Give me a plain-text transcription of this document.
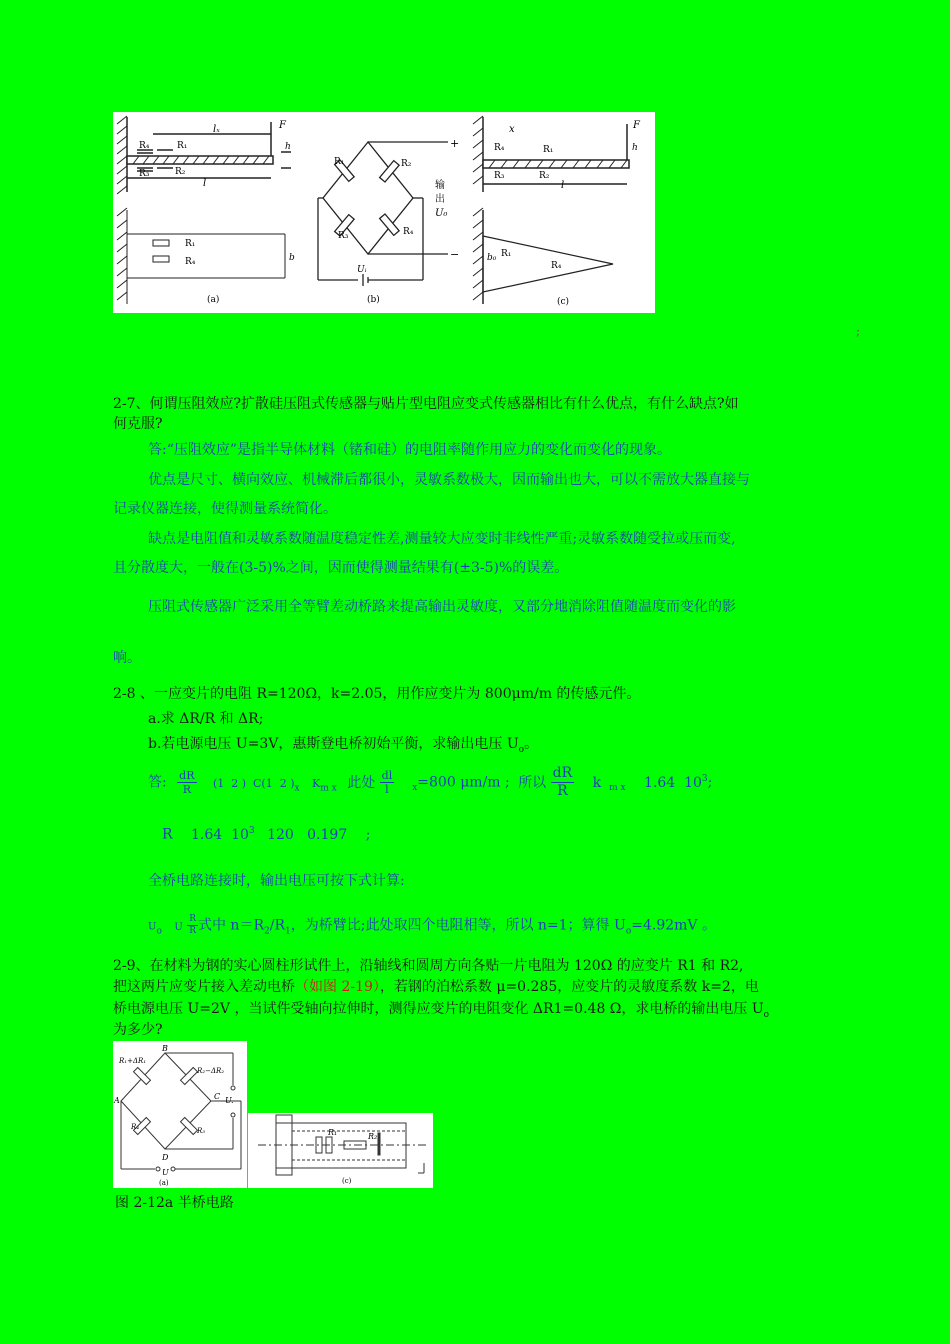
R₄	R₁
R₃	R₂
lₓ
l
F
h
R₁
R₄	b
(a)
R₁	R₂
R₃	R₄
+
−
输
出
U₀
Uᵢ
(b)
R₄	R₁
R₃	R₂
x
l
F
h
b₀ R₁
R₄
(c)
;
2-7、何谓压阻效应?扩散硅压阻式传感器与贴片型电阻应变式传感器相比有什么优点，有什么缺点?如
何克服?
答:“压阻效应”是指半导体材料（锗和硅）的电阻率随作用应力的变化而变化的现象。
优点是尺寸、横向效应、机械滞后都很小，灵敏系数极大，因而输出也大，可以不需放大器直接与
记录仪器连接，使得测量系统简化。
缺点是电阻值和灵敏系数随温度稳定性差,测量较大应变时非线性严重;灵敏系数随受拉或压而变,
且分散度大，一般在(3-5)%之间，因而使得测量结果有(±3-5)%的误差。
压阻式传感器广泛采用全等臂差动桥路来提高输出灵敏度，又部分地消除阻值随温度而变化的影
响。
2-8 、一应变片的电阻 R=120Ω，k=2.05，用作应变片为 800μm/m 的传感元件。
a.求 ΔR/R 和 ΔR;
b.若电源电压 U=3V，惠斯登电桥初始平衡，求输出电压 $U_o$。
答: $\frac{dR}{R} (1$  2 )  C(1  2 )$_x$ $K_{m x}$ 此处 $\frac{dl}{l} _x=800$ μm/m ; 所以 $\frac{dR}{R}$ k $_{m x}$ 1.64  $10^3$;
R 1.64  $10^3$ 120   0.197 ;
全桥电路连接时，输出电压可按下式计算:
$U_o$ U $\frac{R}{R}$ 式中 $n=R_2/R_1$，为桥臂比;此处取四个电阻相等，所以 n=1；算得 $U_o=4.92mV$ 。
2-9、在材料为钢的实心圆柱形试件上，沿轴线和圆周方向各贴一片电阻为 120Ω 的应变片 R1 和 R2,
把这两片应变片接入差动电桥（如图 2-19），若钢的泊松系数 μ=0.285，应变片的灵敏度系数 k=2，电
桥电源电压 U=2V ，当试件受轴向拉伸时，测得应变片的电阻变化 ΔR1=0.48 Ω，求电桥的输出电压 $U_o$
为多少?
B
A	C
D
R₁+ΔR₁
R₂−ΔR₂
R₃
R₄
U.
U
(a)
R₁	R₂
(c)
图 2-12a 半桥电路
